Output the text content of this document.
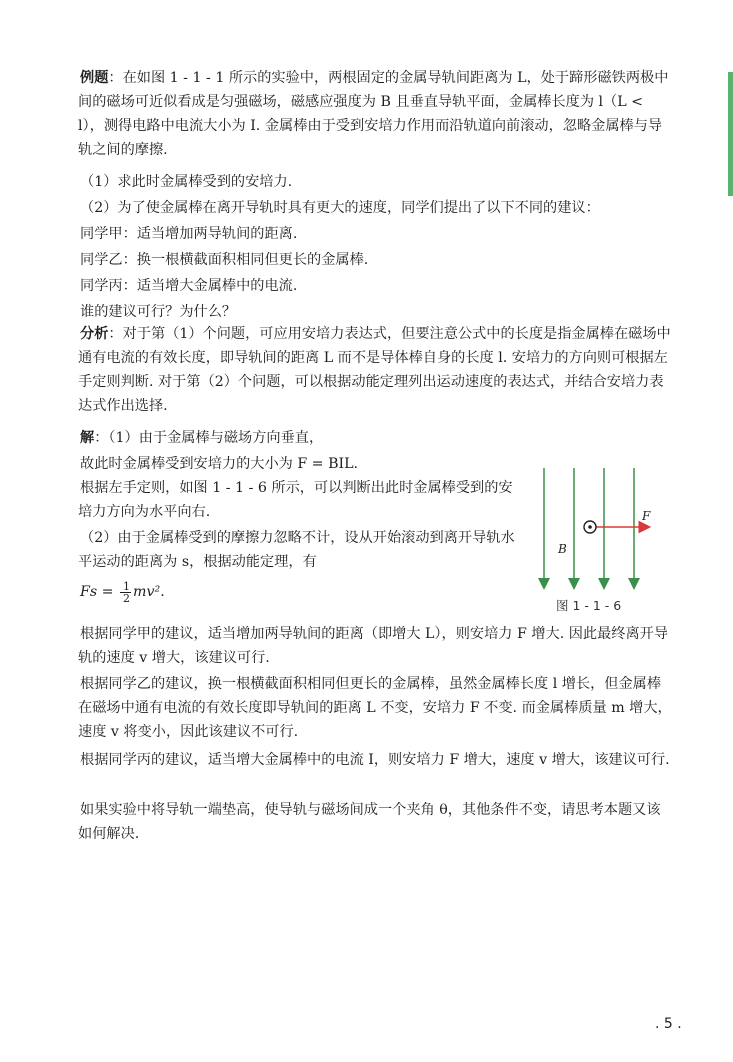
例题：在如图 1 - 1 - 1 所示的实验中，两根固定的金属导轨间距离为 L，处于蹄形磁铁两极中间的磁场可近似看成是匀强磁场，磁感应强度为 B 且垂直导轨平面，金属棒长度为 l（L < l），测得电路中电流大小为 I. 金属棒由于受到安培力作用而沿轨道向前滚动，忽略金属棒与导轨之间的摩擦.

（1）求此时金属棒受到的安培力.

（2）为了使金属棒在离开导轨时具有更大的速度，同学们提出了以下不同的建议：

同学甲：适当增加两导轨间的距离.

同学乙：换一根横截面积相同但更长的金属棒.

同学丙：适当增大金属棒中的电流.

谁的建议可行？为什么？

分析：对于第（1）个问题，可应用安培力表达式，但要注意公式中的长度是指金属棒在磁场中通有电流的有效长度，即导轨间的距离 L 而不是导体棒自身的长度 l. 安培力的方向则可根据左手定则判断. 对于第（2）个问题，可以根据动能定理列出运动速度的表达式，并结合安培力表达式作出选择.

解：（1）由于金属棒与磁场方向垂直，

故此时金属棒受到安培力的大小为 F = BIL.

根据左手定则，如图 1 - 1 - 6 所示，可以判断出此时金属棒受到的安培力方向为水平向右.

（2）由于金属棒受到的摩擦力忽略不计，设从开始滚动到离开导轨水平运动的距离为 s，根据动能定理，有

$Fs = \frac{1}{2} mv^2$.

根据同学甲的建议，适当增加两导轨间的距离（即增大 L），则安培力 F 增大. 因此最终离开导轨的速度 v 增大，该建议可行.

根据同学乙的建议，换一根横截面积相同但更长的金属棒，虽然金属棒长度 l 增长，但金属棒在磁场中通有电流的有效长度即导轨间的距离 L 不变，安培力 F 不变. 而金属棒质量 m 增大，速度 v 将变小，因此该建议不可行.

根据同学丙的建议，适当增大金属棒中的电流 I，则安培力 F 增大，速度 v 增大，该建议可行.

如果实验中将导轨一端垫高，使导轨与磁场间成一个夹角 θ，其他条件不变，请思考本题又该如何解决.

B
F
图 1 - 1 - 6
. 5 .
